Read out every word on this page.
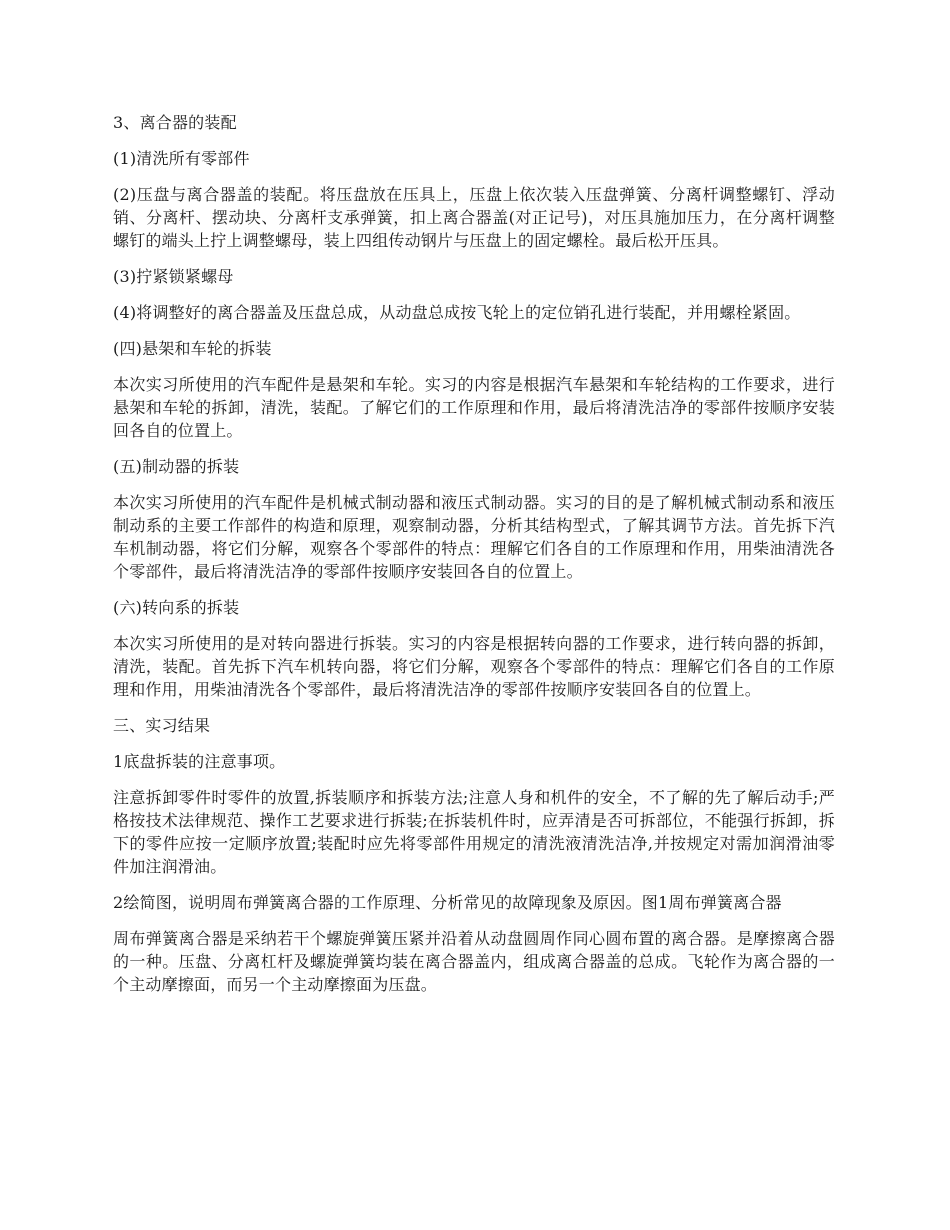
3、离合器的装配

(1)清洗所有零部件

(2)压盘与离合器盖的装配。将压盘放在压具上，压盘上依次装入压盘弹簧、分离杆调整螺钉、浮动销、分离杆、摆动块、分离杆支承弹簧，扣上离合器盖(对正记号)，对压具施加压力，在分离杆调整螺钉的端头上拧上调整螺母，装上四组传动钢片与压盘上的固定螺栓。最后松开压具。

(3)拧紧锁紧螺母

(4)将调整好的离合器盖及压盘总成，从动盘总成按飞轮上的定位销孔进行装配，并用螺栓紧固。

(四)悬架和车轮的拆装

本次实习所使用的汽车配件是悬架和车轮。实习的内容是根据汽车悬架和车轮结构的工作要求，进行悬架和车轮的拆卸，清洗，装配。了解它们的工作原理和作用，最后将清洗洁净的零部件按顺序安装回各自的位置上。

(五)制动器的拆装

本次实习所使用的汽车配件是机械式制动器和液压式制动器。实习的目的是了解机械式制动系和液压制动系的主要工作部件的构造和原理，观察制动器，分析其结构型式，了解其调节方法。首先拆下汽车机制动器，将它们分解，观察各个零部件的特点：理解它们各自的工作原理和作用，用柴油清洗各个零部件，最后将清洗洁净的零部件按顺序安装回各自的位置上。

(六)转向系的拆装

本次实习所使用的是对转向器进行拆装。实习的内容是根据转向器的工作要求，进行转向器的拆卸，清洗，装配。首先拆下汽车机转向器，将它们分解，观察各个零部件的特点：理解它们各自的工作原理和作用，用柴油清洗各个零部件，最后将清洗洁净的零部件按顺序安装回各自的位置上。

三、实习结果

1底盘拆装的注意事项。

注意拆卸零件时零件的放置,拆装顺序和拆装方法;注意人身和机件的安全，不了解的先了解后动手;严格按技术法律规范、操作工艺要求进行拆装;在拆装机件时，应弄清是否可拆部位，不能强行拆卸，拆下的零件应按一定顺序放置;装配时应先将零部件用规定的清洗液清洗洁净,并按规定对需加润滑油零件加注润滑油。

2绘简图，说明周布弹簧离合器的工作原理、分析常见的故障现象及原因。图1周布弹簧离合器

周布弹簧离合器是采纳若干个螺旋弹簧压紧并沿着从动盘圆周作同心圆布置的离合器。是摩擦离合器的一种。压盘、分离杠杆及螺旋弹簧均装在离合器盖内，组成离合器盖的总成。飞轮作为离合器的一个主动摩擦面，而另一个主动摩擦面为压盘。
